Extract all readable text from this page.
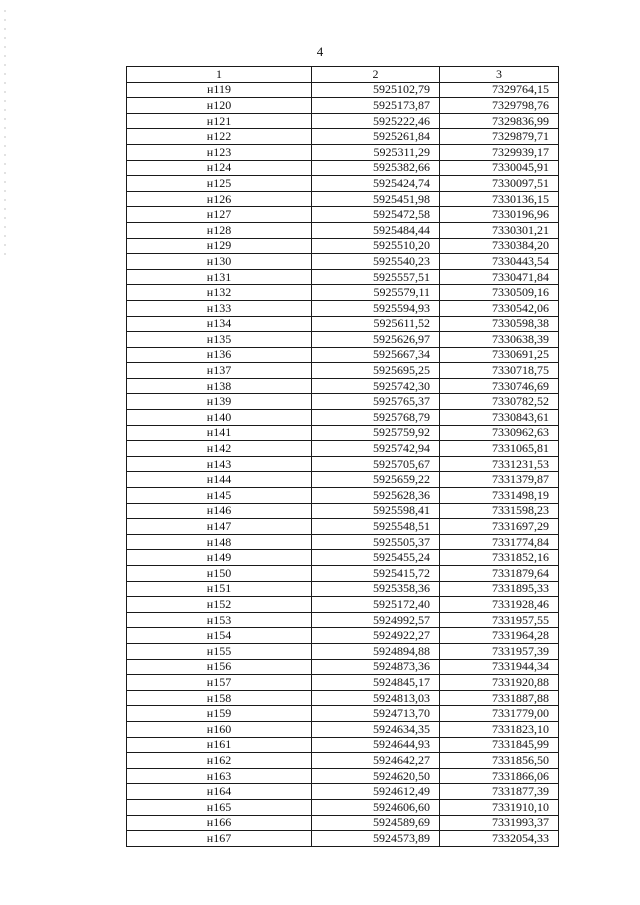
4
1	2	3
н119	5925102,79	7329764,15
н120	5925173,87	7329798,76
н121	5925222,46	7329836,99
н122	5925261,84	7329879,71
н123	5925311,29	7329939,17
н124	5925382,66	7330045,91
н125	5925424,74	7330097,51
н126	5925451,98	7330136,15
н127	5925472,58	7330196,96
н128	5925484,44	7330301,21
н129	5925510,20	7330384,20
н130	5925540,23	7330443,54
н131	5925557,51	7330471,84
н132	5925579,11	7330509,16
н133	5925594,93	7330542,06
н134	5925611,52	7330598,38
н135	5925626,97	7330638,39
н136	5925667,34	7330691,25
н137	5925695,25	7330718,75
н138	5925742,30	7330746,69
н139	5925765,37	7330782,52
н140	5925768,79	7330843,61
н141	5925759,92	7330962,63
н142	5925742,94	7331065,81
н143	5925705,67	7331231,53
н144	5925659,22	7331379,87
н145	5925628,36	7331498,19
н146	5925598,41	7331598,23
н147	5925548,51	7331697,29
н148	5925505,37	7331774,84
н149	5925455,24	7331852,16
н150	5925415,72	7331879,64
н151	5925358,36	7331895,33
н152	5925172,40	7331928,46
н153	5924992,57	7331957,55
н154	5924922,27	7331964,28
н155	5924894,88	7331957,39
н156	5924873,36	7331944,34
н157	5924845,17	7331920,88
н158	5924813,03	7331887,88
н159	5924713,70	7331779,00
н160	5924634,35	7331823,10
н161	5924644,93	7331845,99
н162	5924642,27	7331856,50
н163	5924620,50	7331866,06
н164	5924612,49	7331877,39
н165	5924606,60	7331910,10
н166	5924589,69	7331993,37
н167	5924573,89	7332054,33
